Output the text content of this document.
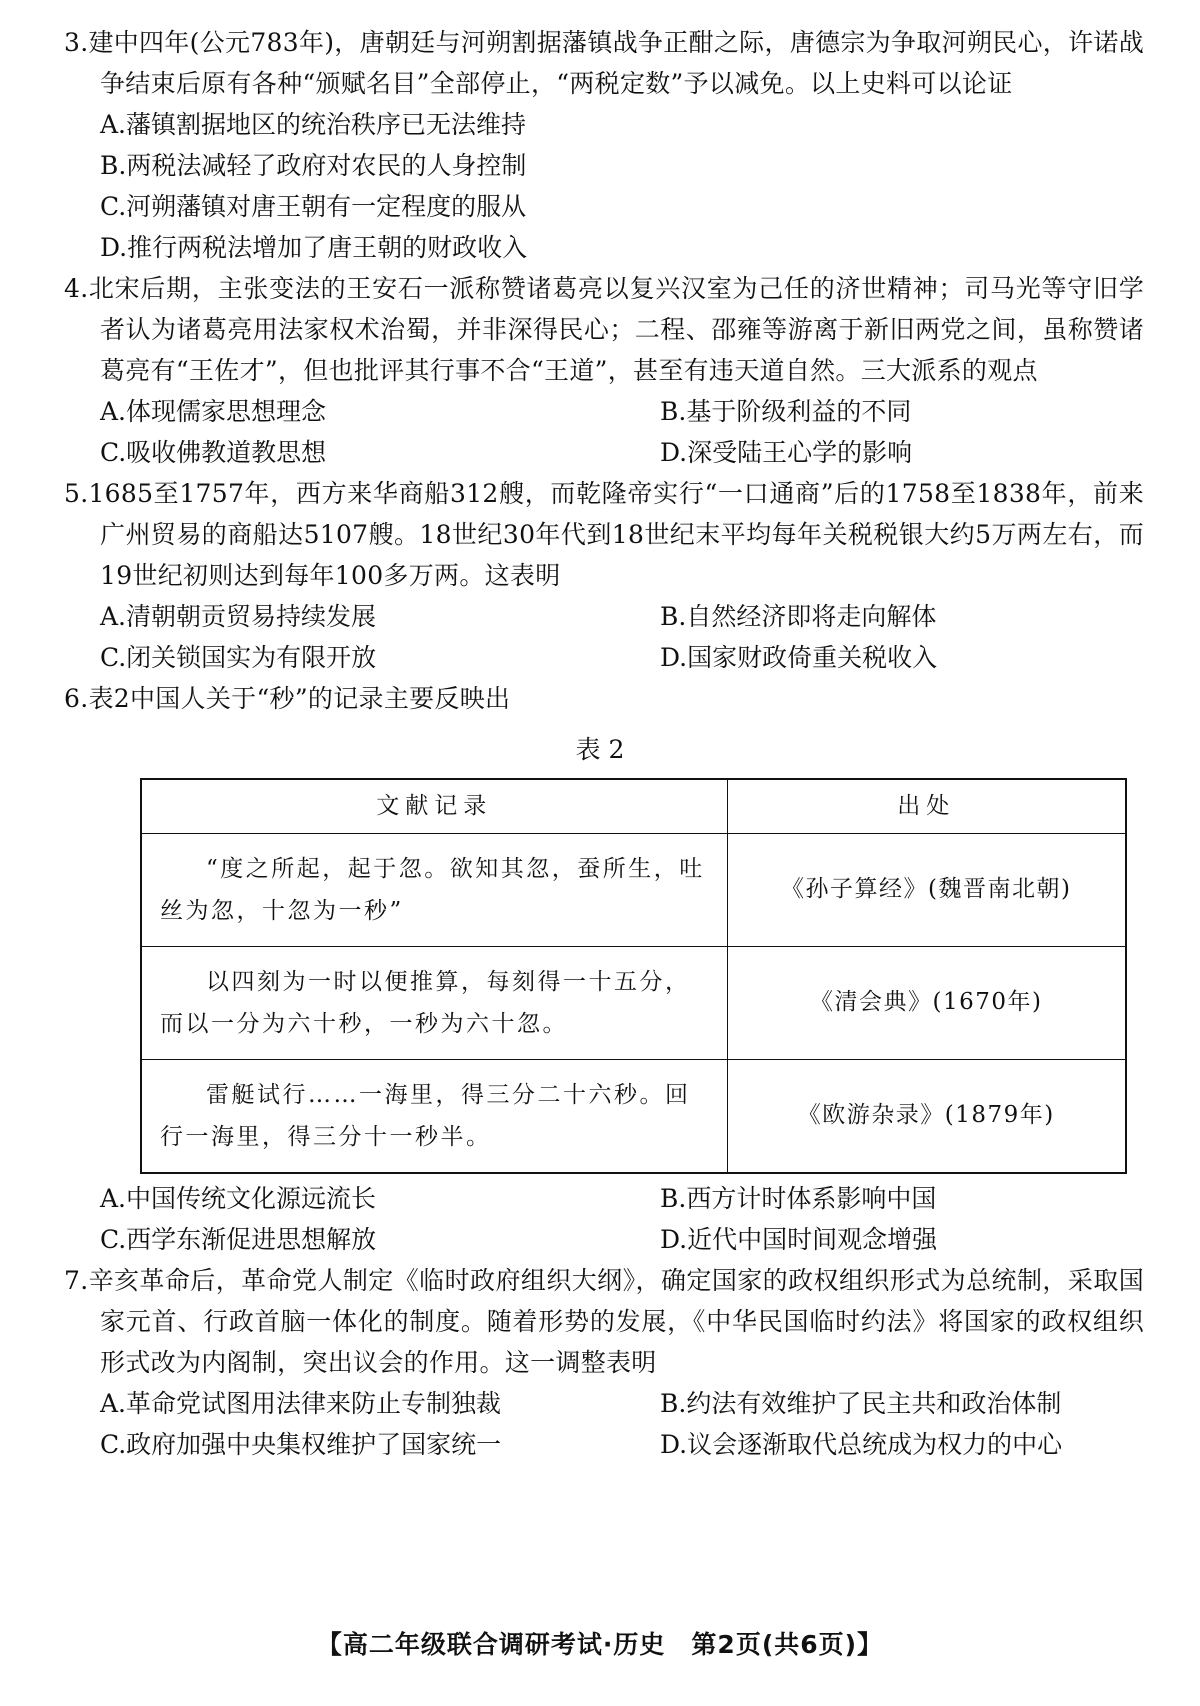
3.建中四年(公元783年)，唐朝廷与河朔割据藩镇战争正酣之际，唐德宗为争取河朔民心，许诺战争结束后原有各种“颁赋名目”全部停止，“两税定数”予以减免。以上史料可以论证

A.藩镇割据地区的统治秩序已无法维持
B.两税法减轻了政府对农民的人身控制
C.河朔藩镇对唐王朝有一定程度的服从
D.推行两税法增加了唐王朝的财政收入

4.北宋后期，主张变法的王安石一派称赞诸葛亮以复兴汉室为己任的济世精神；司马光等守旧学者认为诸葛亮用法家权术治蜀，并非深得民心；二程、邵雍等游离于新旧两党之间，虽称赞诸葛亮有“王佐才”，但也批评其行事不合“王道”，甚至有违天道自然。三大派系的观点

A.体现儒家思想理念	B.基于阶级利益的不同
C.吸收佛教道教思想	D.深受陆王心学的影响

5.1685至1757年，西方来华商船312艘，而乾隆帝实行“一口通商”后的1758至1838年，前来广州贸易的商船达5107艘。18世纪30年代到18世纪末平均每年关税税银大约5万两左右，而19世纪初则达到每年100多万两。这表明

A.清朝朝贡贸易持续发展	B.自然经济即将走向解体
C.闭关锁国实为有限开放	D.国家财政倚重关税收入

6.表2中国人关于“秒”的记录主要反映出

表2

文献记录	出处
“度之所起，起于忽。欲知其忽，蚕所生，吐丝为忽，十忽为一秒”	《孙子算经》(魏晋南北朝)
以四刻为一时以便推算，每刻得一十五分，而以一分为六十秒，一秒为六十忽。	《清会典》(1670年)
雷艇试行……一海里，得三分二十六秒。回行一海里，得三分十一秒半。	《欧游杂录》(1879年)
A.中国传统文化源远流长	B.西方计时体系影响中国
C.西学东渐促进思想解放	D.近代中国时间观念增强

7.辛亥革命后，革命党人制定《临时政府组织大纲》，确定国家的政权组织形式为总统制，采取国家元首、行政首脑一体化的制度。随着形势的发展，《中华民国临时约法》将国家的政权组织形式改为内阁制，突出议会的作用。这一调整表明

A.革命党试图用法律来防止专制独裁	B.约法有效维护了民主共和政治体制
C.政府加强中央集权维护了国家统一	D.议会逐渐取代总统成为权力的中心
【高二年级联合调研考试·历史　第2页(共6页)】
